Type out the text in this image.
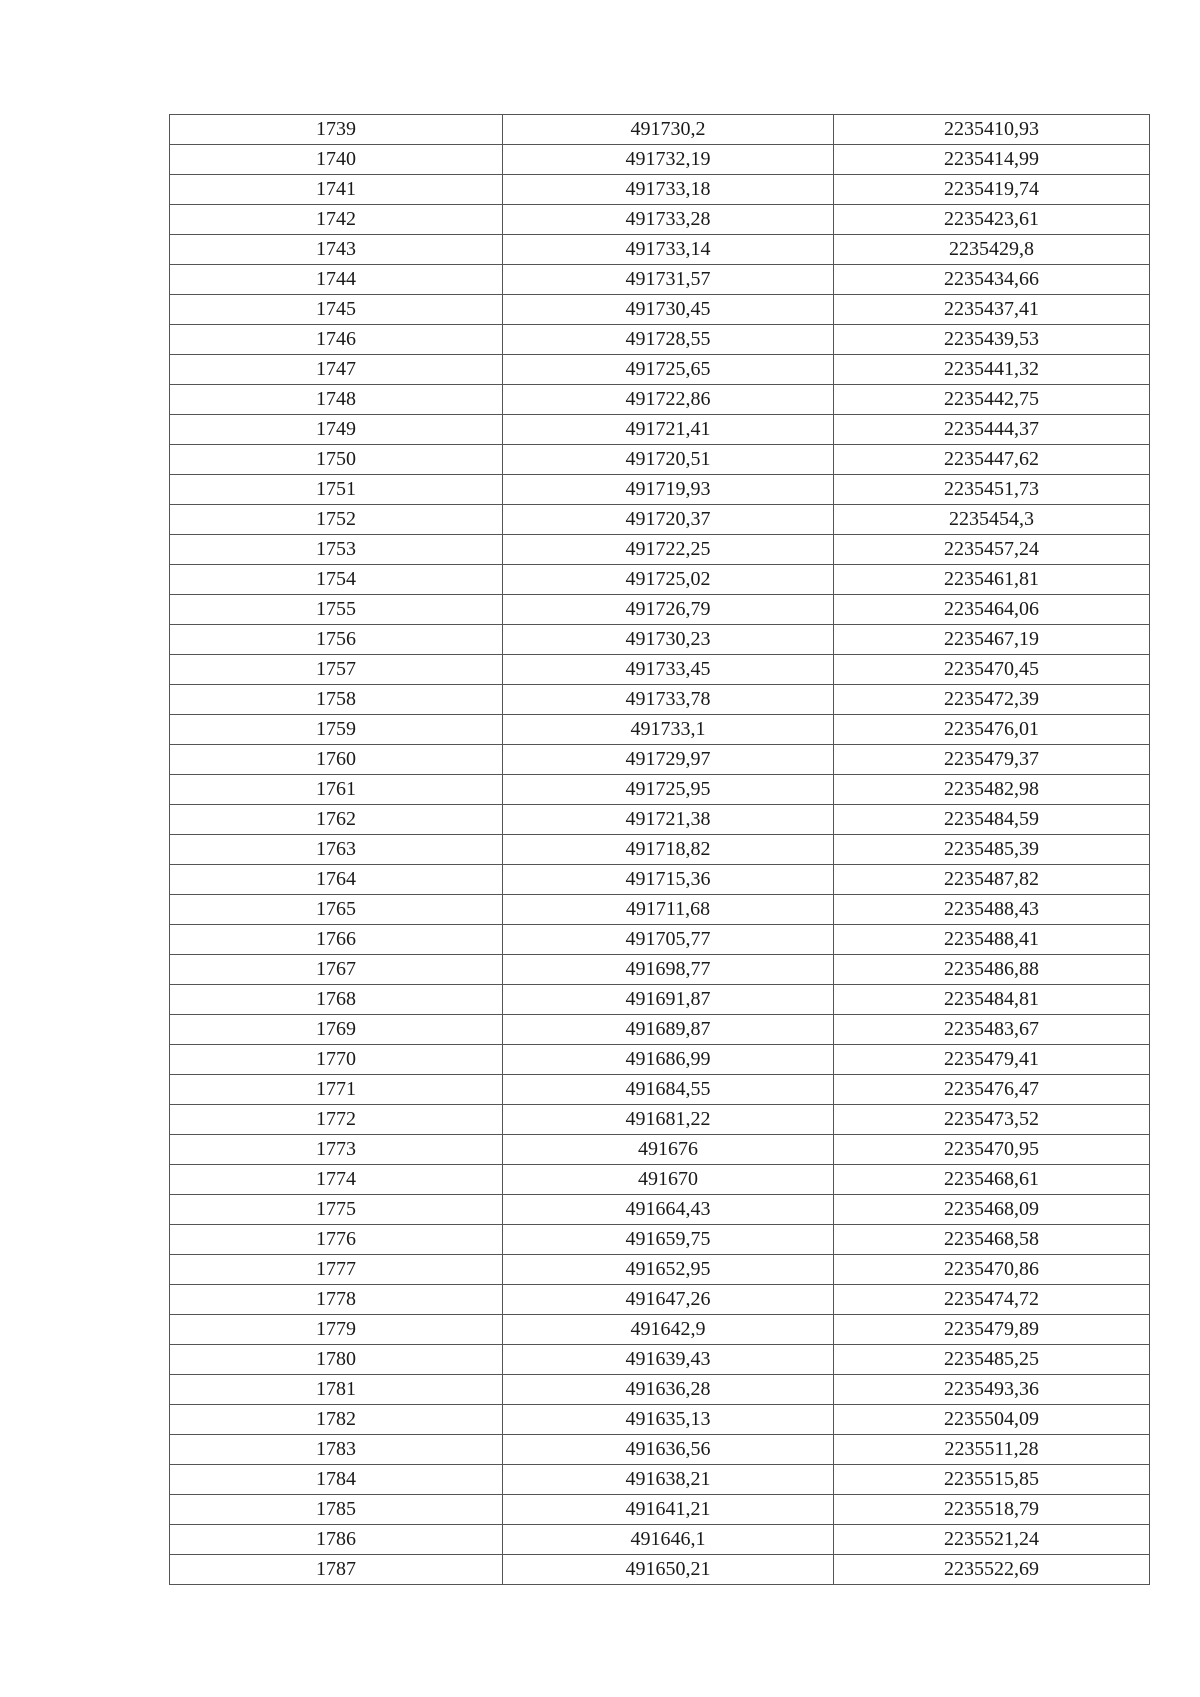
1739	491730,2	2235410,93
1740	491732,19	2235414,99
1741	491733,18	2235419,74
1742	491733,28	2235423,61
1743	491733,14	2235429,8
1744	491731,57	2235434,66
1745	491730,45	2235437,41
1746	491728,55	2235439,53
1747	491725,65	2235441,32
1748	491722,86	2235442,75
1749	491721,41	2235444,37
1750	491720,51	2235447,62
1751	491719,93	2235451,73
1752	491720,37	2235454,3
1753	491722,25	2235457,24
1754	491725,02	2235461,81
1755	491726,79	2235464,06
1756	491730,23	2235467,19
1757	491733,45	2235470,45
1758	491733,78	2235472,39
1759	491733,1	2235476,01
1760	491729,97	2235479,37
1761	491725,95	2235482,98
1762	491721,38	2235484,59
1763	491718,82	2235485,39
1764	491715,36	2235487,82
1765	491711,68	2235488,43
1766	491705,77	2235488,41
1767	491698,77	2235486,88
1768	491691,87	2235484,81
1769	491689,87	2235483,67
1770	491686,99	2235479,41
1771	491684,55	2235476,47
1772	491681,22	2235473,52
1773	491676	2235470,95
1774	491670	2235468,61
1775	491664,43	2235468,09
1776	491659,75	2235468,58
1777	491652,95	2235470,86
1778	491647,26	2235474,72
1779	491642,9	2235479,89
1780	491639,43	2235485,25
1781	491636,28	2235493,36
1782	491635,13	2235504,09
1783	491636,56	2235511,28
1784	491638,21	2235515,85
1785	491641,21	2235518,79
1786	491646,1	2235521,24
1787	491650,21	2235522,69
